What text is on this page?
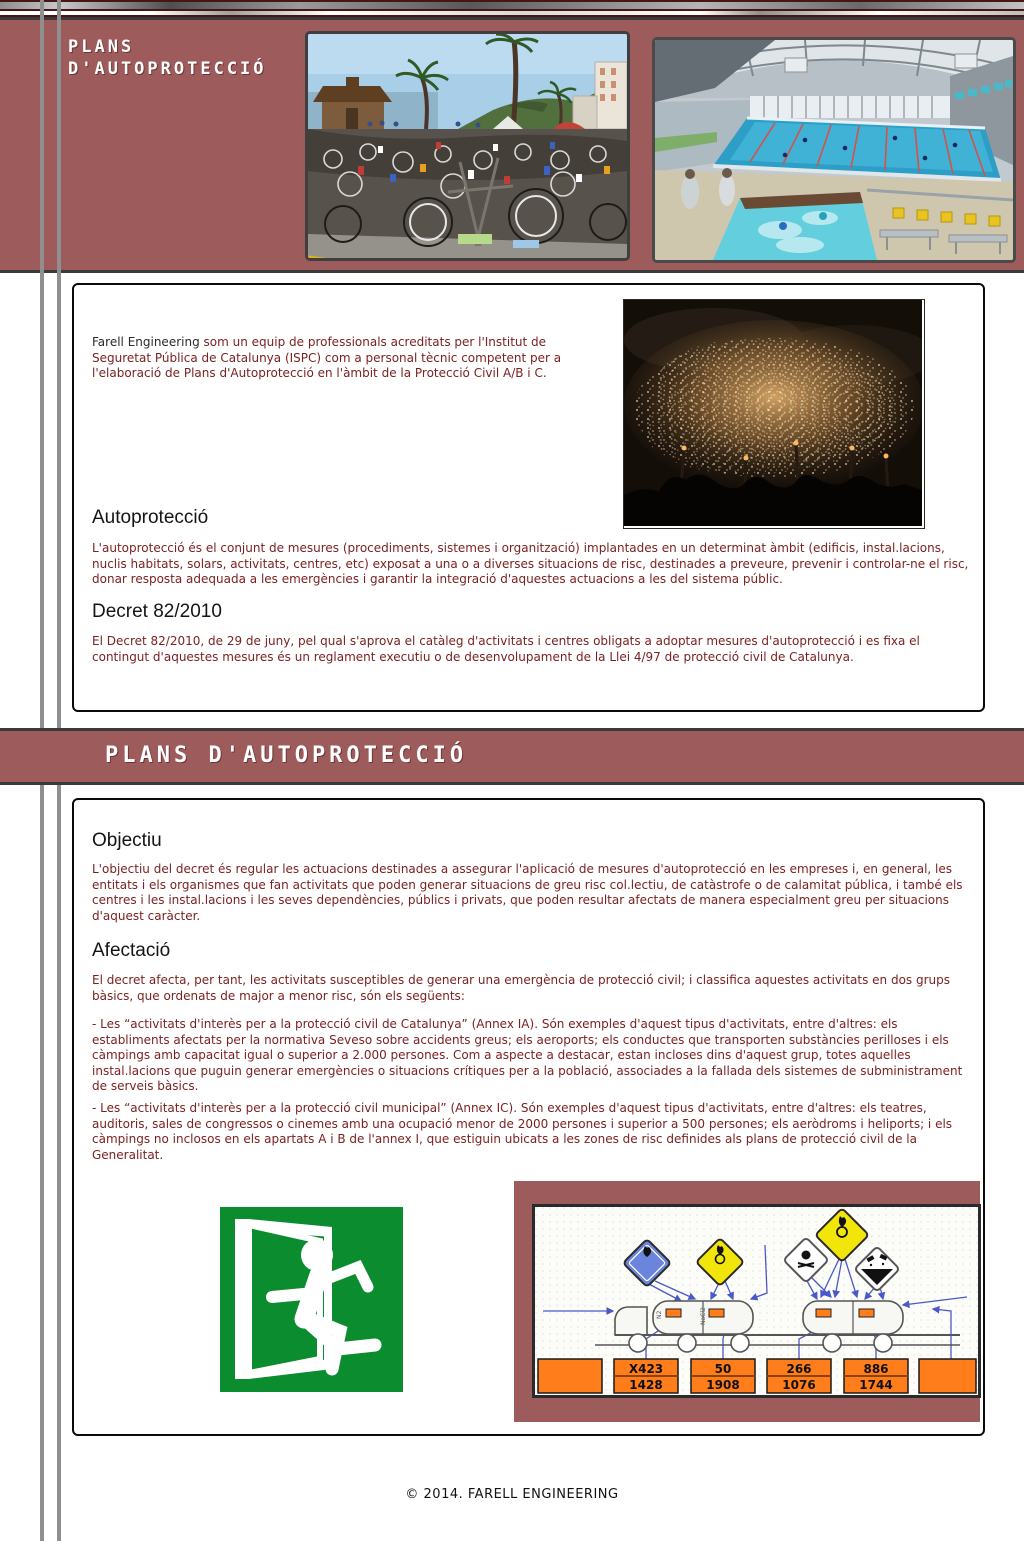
PLANS
D'AUTOPROTECCIÓ
Farell Engineering som un equip de professionals acreditats per l'Institut de Seguretat Pública de Catalunya (ISPC) com a personal tècnic competent per a l'elaboració de Plans d'Autoprotecció en l'àmbit de la Protecció Civil A/B i C.
Autoprotecció
L'autoprotecció és el conjunt de mesures (procediments, sistemes i organització) implantades en un determinat àmbit (edificis, instal.lacions, nuclis habitats, solars, activitats, centres, etc) exposat a una o a diverses situacions de risc, destinades a preveure, prevenir i controlar-ne el risc, donar resposta adequada a les emergències i garantir la integració d'aquestes actuacions a les del sistema públic.
Decret 82/2010
El Decret 82/2010, de 29 de juny, pel qual s'aprova el catàleg d'activitats i centres obligats a adoptar mesures d'autoprotecció i es fixa el contingut d'aquestes mesures és un reglament executiu o de desenvolupament de la Llei 4/97 de protecció civil de Catalunya.
PLANS D'AUTOPROTECCIÓ
Objectiu
L'objectiu del decret és regular les actuacions destinades a assegurar l'aplicació de mesures d'autoprotecció en les empreses i, en general, les entitats i els organismes que fan activitats que poden generar situacions de greu risc col.lectiu, de catàstrofe o de calamitat pública, i també els centres i les instal.lacions i les seves dependències, públics i privats, que poden resultar afectats de manera especialment greu per situacions d'aquest caràcter.
Afectació
El decret afecta, per tant, les activitats susceptibles de generar una emergència de protecció civil; i classifica aquestes activitats en dos grups bàsics, que ordenats de major a menor risc, són els següents:
- Les “activitats d'interès per a la protecció civil de Catalunya” (Annex IA). Són exemples d'aquest tipus d'activitats, entre d'altres: els establiments afectats per la normativa Seveso sobre accidents greus; els aeroports; els conductes que transporten substàncies perilloses i els càmpings amb capacitat igual o superior a 2.000 persones. Com a aspecte a destacar, estan incloses dins d'aquest grup, totes aquelles instal.lacions que puguin generar emergències o situacions crítiques per a la població, associades a la fallada dels sistemes de subministrament de serveis bàsics.
- Les “activitats d'interès per a la protecció civil municipal” (Annex IC). Són exemples d'aquest tipus d'activitats, entre d'altres: els teatres, auditoris, sales de congressos o cinemes amb una ocupació menor de 2000 persones i superior a 500 persones; els aeròdroms i heliports; i els càmpings no inclosos en els apartats A i B de l'annex I, que estiguin ubicats a les zones de risc definides als plans de protecció civil de la Generalitat.
N2	NaCl2
X423
1428
50
1908
266
1076
886
1744
© 2014. FARELL ENGINEERING
